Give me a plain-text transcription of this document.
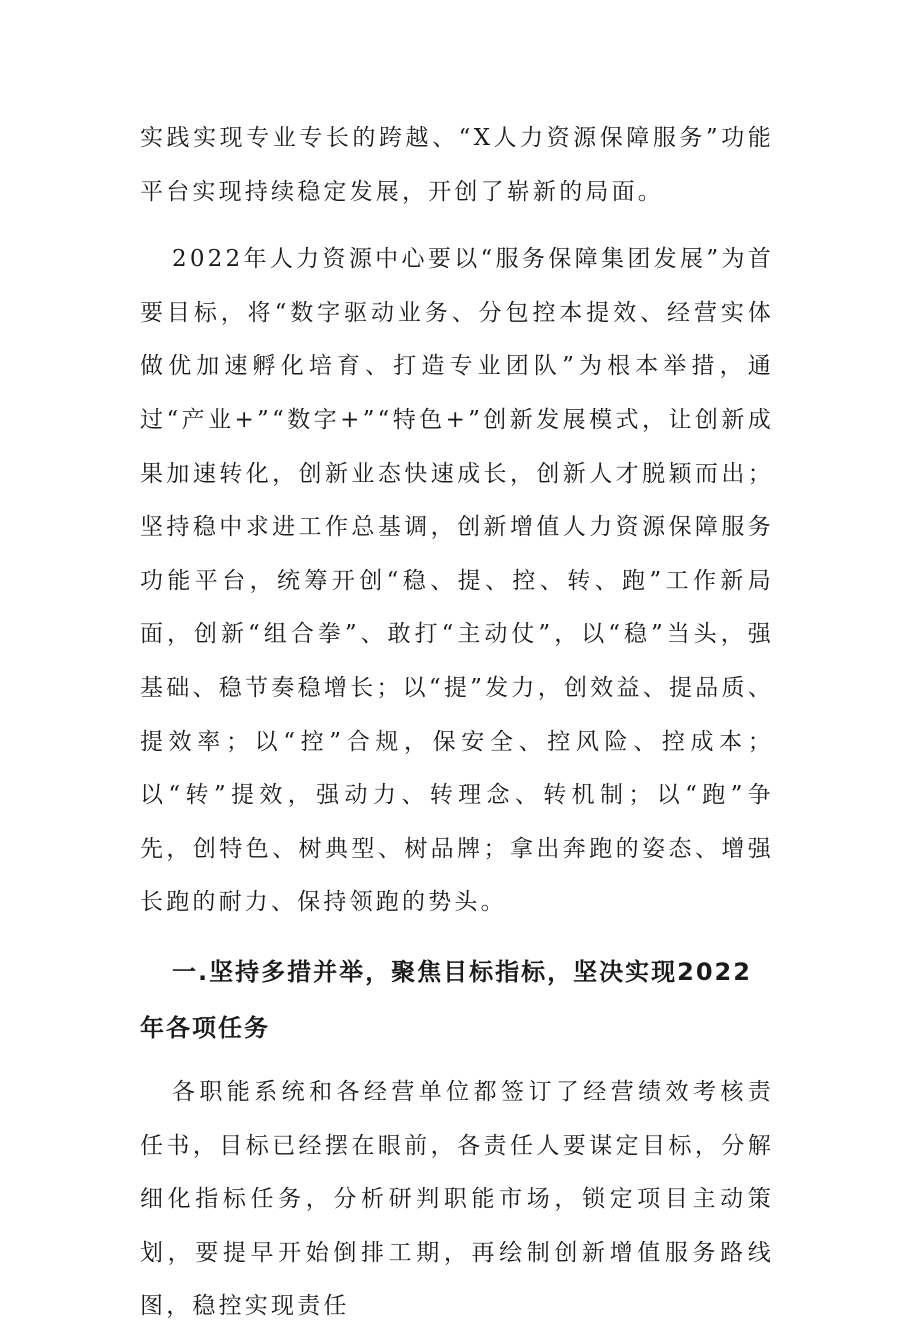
实践实现专业专长的跨越、“X人力资源保障服务”功能平台实现持续稳定发展，开创了崭新的局面。

2022年人力资源中心要以“服务保障集团发展”为首要目标，将“数字驱动业务、分包控本提效、经营实体做优加速孵化培育、打造专业团队”为根本举措，通过“产业+”“数字+”“特色+”创新发展模式，让创新成果加速转化，创新业态快速成长，创新人才脱颖而出；坚持稳中求进工作总基调，创新增值人力资源保障服务功能平台，统筹开创“稳、提、控、转、跑”工作新局面，创新“组合拳”、敢打“主动仗”，以“稳”当头，强基础、稳节奏稳增长；以“提”发力，创效益、提品质、提效率；以“控”合规，保安全、控风险、控成本；以“转”提效，强动力、转理念、转机制；以“跑”争先，创特色、树典型、树品牌；拿出奔跑的姿态、增强长跑的耐力、保持领跑的势头。

一.坚持多措并举，聚焦目标指标，坚决实现2022年各项任务

各职能系统和各经营单位都签订了经营绩效考核责任书，目标已经摆在眼前，各责任人要谋定目标，分解细化指标任务，分析研判职能市场，锁定项目主动策划，要提早开始倒排工期，再绘制创新增值服务路线图，稳控实现责任
